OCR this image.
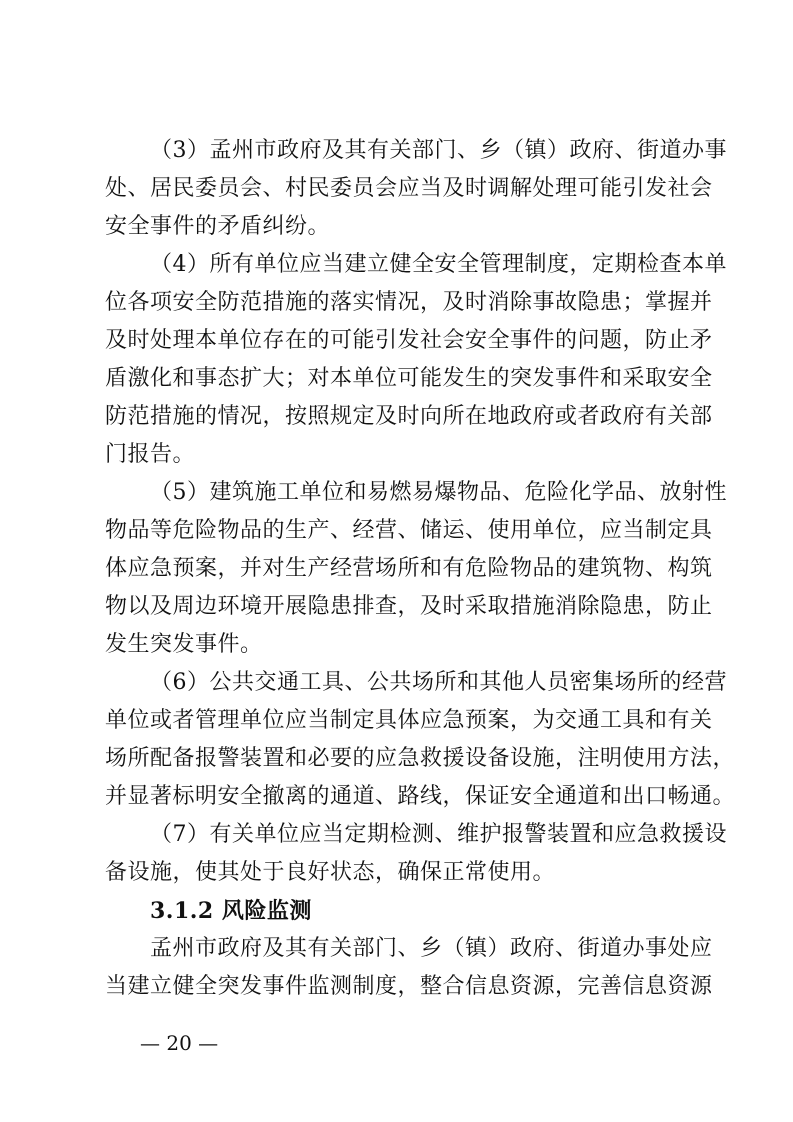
（3）孟州市政府及其有关部门、乡（镇）政府、街道办事
处、居民委员会、村民委员会应当及时调解处理可能引发社会
安全事件的矛盾纠纷。
（4）所有单位应当建立健全安全管理制度，定期检查本单
位各项安全防范措施的落实情况，及时消除事故隐患；掌握并
及时处理本单位存在的可能引发社会安全事件的问题，防止矛
盾激化和事态扩大；对本单位可能发生的突发事件和采取安全
防范措施的情况，按照规定及时向所在地政府或者政府有关部
门报告。
（5）建筑施工单位和易燃易爆物品、危险化学品、放射性
物品等危险物品的生产、经营、储运、使用单位，应当制定具
体应急预案，并对生产经营场所和有危险物品的建筑物、构筑
物以及周边环境开展隐患排查，及时采取措施消除隐患，防止
发生突发事件。
（6）公共交通工具、公共场所和其他人员密集场所的经营
单位或者管理单位应当制定具体应急预案，为交通工具和有关
场所配备报警装置和必要的应急救援设备设施，注明使用方法，
并显著标明安全撤离的通道、路线，保证安全通道和出口畅通。
（7）有关单位应当定期检测、维护报警装置和应急救援设
备设施，使其处于良好状态，确保正常使用。
3.1.2 风险监测
孟州市政府及其有关部门、乡（镇）政府、街道办事处应
当建立健全突发事件监测制度，整合信息资源，完善信息资源
— 20 —
